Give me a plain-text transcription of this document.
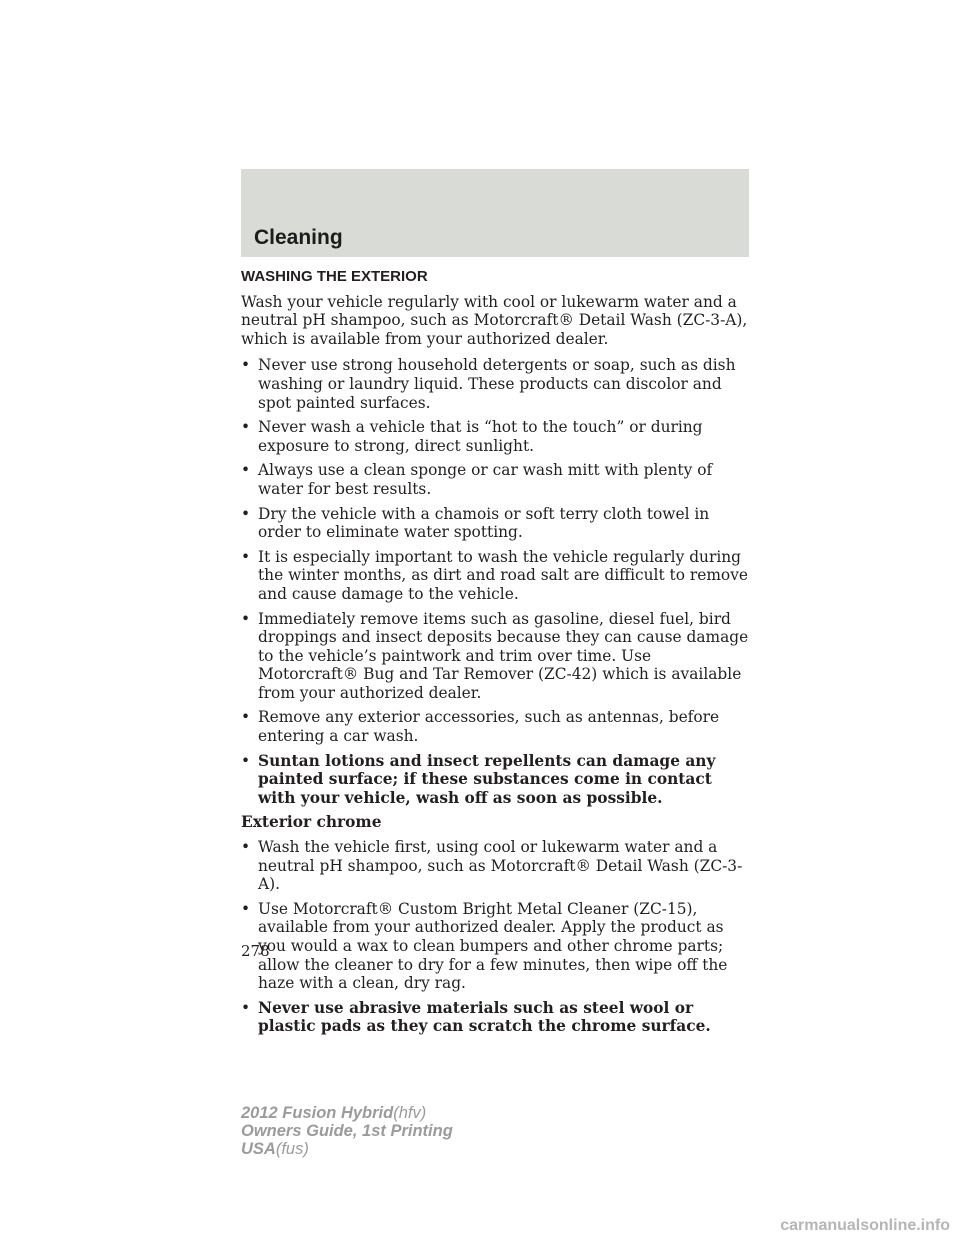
Cleaning
WASHING THE EXTERIOR

Wash your vehicle regularly with cool or lukewarm water and a neutral pH shampoo, such as Motorcraft® Detail Wash (ZC-3-A), which is available from your authorized dealer.

• Never use strong household detergents or soap, such as dish washing or laundry liquid. These products can discolor and spot painted surfaces.
• Never wash a vehicle that is “hot to the touch” or during exposure to strong, direct sunlight.
• Always use a clean sponge or car wash mitt with plenty of water for best results.
• Dry the vehicle with a chamois or soft terry cloth towel in order to eliminate water spotting.
• It is especially important to wash the vehicle regularly during the winter months, as dirt and road salt are difficult to remove and cause damage to the vehicle.
• Immediately remove items such as gasoline, diesel fuel, bird droppings and insect deposits because they can cause damage to the vehicle’s paintwork and trim over time. Use Motorcraft® Bug and Tar Remover (ZC-42) which is available from your authorized dealer.
• Remove any exterior accessories, such as antennas, before entering a car wash.
• Suntan lotions and insect repellents can damage any painted surface; if these substances come in contact with your vehicle, wash off as soon as possible.

Exterior chrome

• Wash the vehicle first, using cool or lukewarm water and a neutral pH shampoo, such as Motorcraft® Detail Wash (ZC-3-A).
• Use Motorcraft® Custom Bright Metal Cleaner (ZC-15), available from your authorized dealer. Apply the product as you would a wax to clean bumpers and other chrome parts; allow the cleaner to dry for a few minutes, then wipe off the haze with a clean, dry rag.
• Never use abrasive materials such as steel wool or plastic pads as they can scratch the chrome surface.
278
2012 Fusion Hybrid(hfv)
Owners Guide, 1st Printing
USA(fus)
carmanualsonline.info
